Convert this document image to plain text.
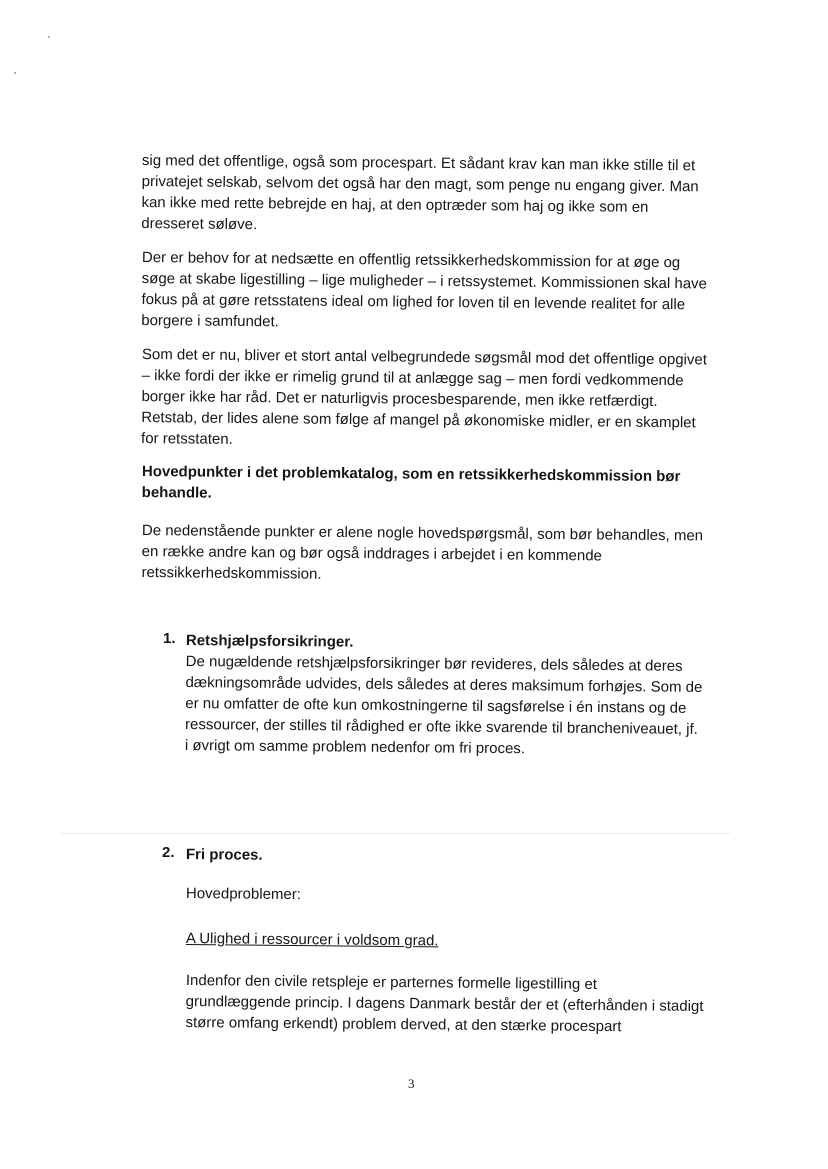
sig med det offentlige, også som procespart. Et sådant krav kan man ikke stille til et privatejet selskab, selvom det også har den magt, som penge nu engang giver. Man kan ikke med rette bebrejde en haj, at den optræder som haj og ikke som en dresseret søløve.

Der er behov for at nedsætte en offentlig retssikkerhedskommission for at øge og søge at skabe ligestilling – lige muligheder – i retssystemet. Kommissionen skal have fokus på at gøre retsstatens ideal om lighed for loven til en levende realitet for alle borgere i samfundet.

Som det er nu, bliver et stort antal velbegrundede søgsmål mod det offentlige opgivet – ikke fordi der ikke er rimelig grund til at anlægge sag – men fordi vedkommende borger ikke har råd. Det er naturligvis procesbesparende, men ikke retfærdigt. Retstab, der lides alene som følge af mangel på økonomiske midler, er en skamplet for retsstaten.

Hovedpunkter i det problemkatalog, som en retssikkerhedskommission bør behandle.

De nedenstående punkter er alene nogle hovedspørgsmål, som bør behandles, men en række andre kan og bør også inddrages i arbejdet i en kommende retssikkerhedskommission.

1. Retshjælpsforsikringer.
De nugældende retshjælpsforsikringer bør revideres, dels således at deres dækningsområde udvides, dels således at deres maksimum forhøjes. Som de er nu omfatter de ofte kun omkostningerne til sagsførelse i én instans og de ressourcer, der stilles til rådighed er ofte ikke svarende til brancheniveauet, jf. i øvrigt om samme problem nedenfor om fri proces.

2. Fri proces.

Hovedproblemer:

A Ulighed i ressourcer i voldsom grad.

Indenfor den civile retspleje er parternes formelle ligestilling et grundlæggende princip. I dagens Danmark består der et (efterhånden i stadigt større omfang erkendt) problem derved, at den stærke procespart

3
